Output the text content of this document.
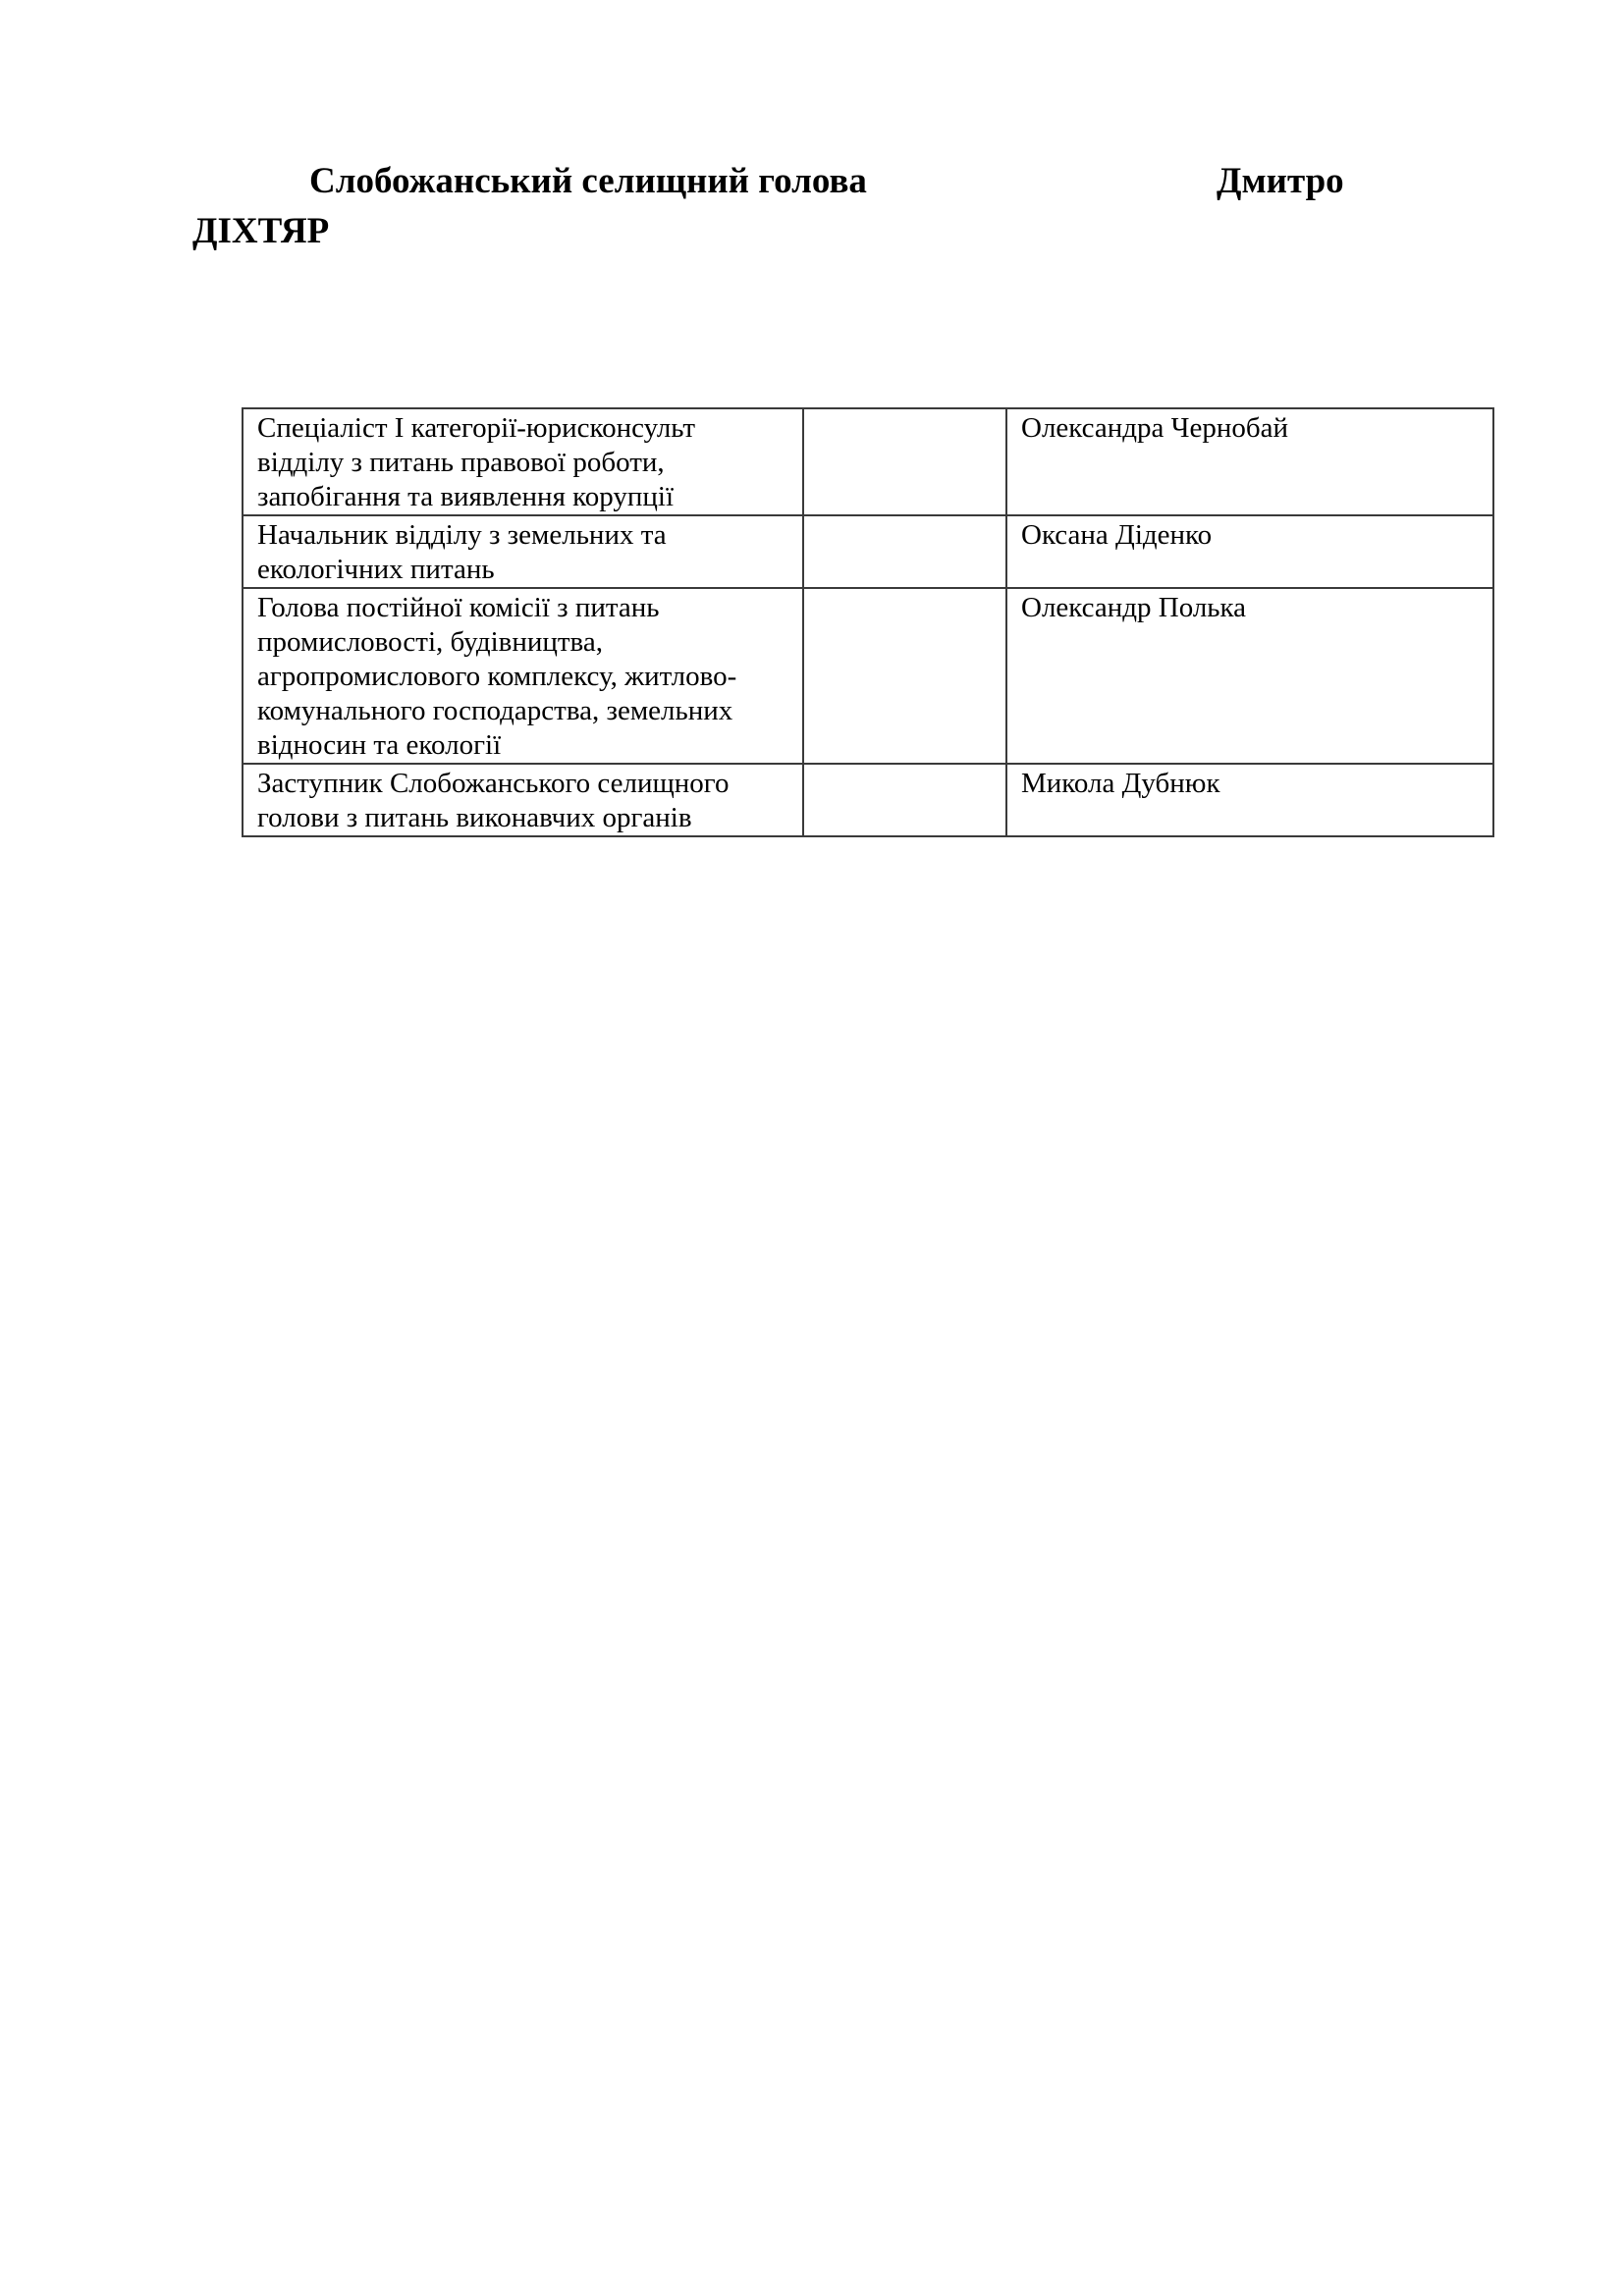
Слобожанський селищний голова	Дмитро
ДІХТЯР
Спеціаліст І категорії-юрисконсульт відділу з питань правової роботи, запобігання та виявлення корупції		Олександра Чернобай
Начальник відділу з земельних та екологічних питань		Оксана Діденко
Голова постійної комісії з питань промисловості, будівництва, агропромислового комплексу, житлово-комунального господарства, земельних відносин та екології		Олександр Полька
Заступник Слобожанського селищного голови з питань виконавчих органів		Микола Дубнюк
